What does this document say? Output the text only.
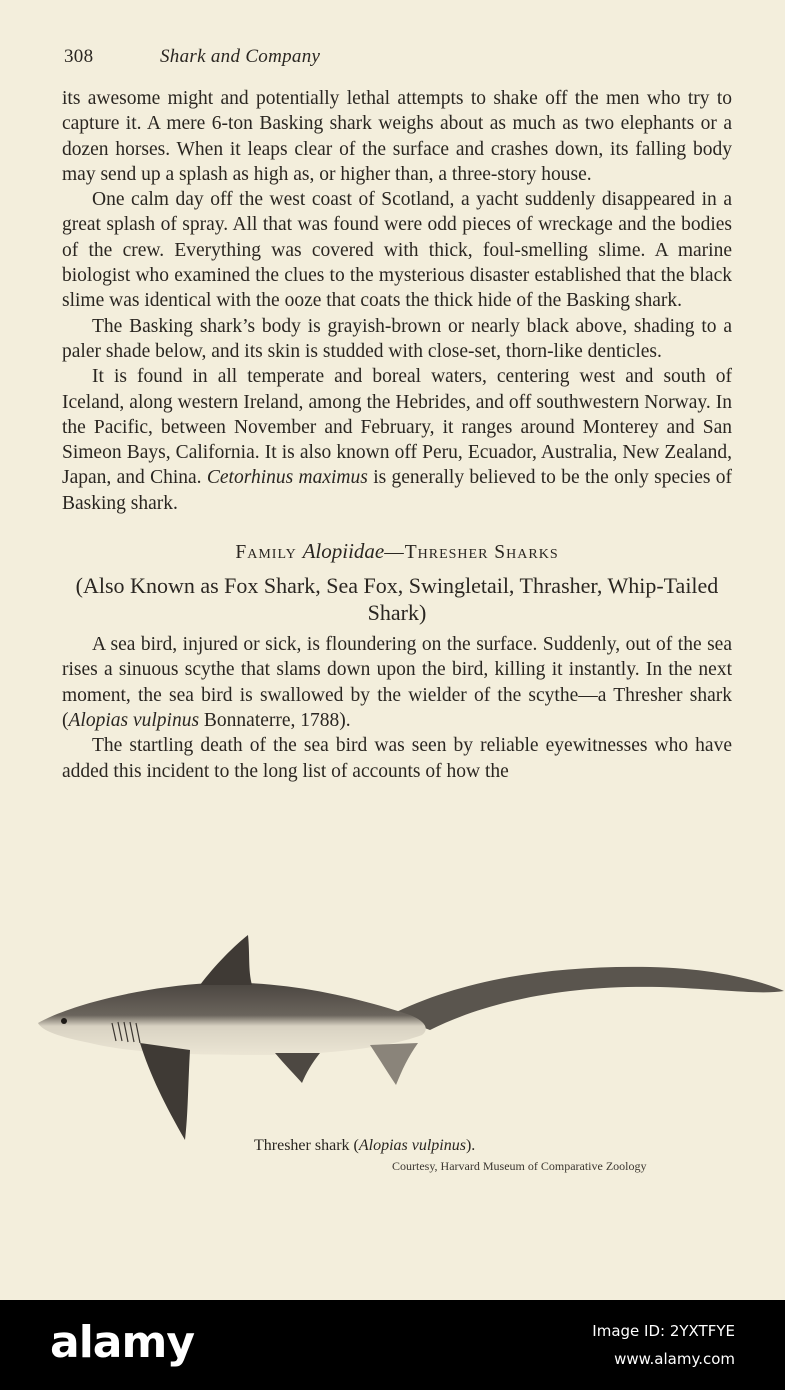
308	Shark and Company

its awesome might and potentially lethal attempts to shake off the men who try to capture it. A mere 6-ton Basking shark weighs about as much as two elephants or a dozen horses. When it leaps clear of the surface and crashes down, its falling body may send up a splash as high as, or higher than, a three-story house.

One calm day off the west coast of Scotland, a yacht suddenly disappeared in a great splash of spray. All that was found were odd pieces of wreckage and the bodies of the crew. Everything was covered with thick, foul-smelling slime. A marine biologist who examined the clues to the mysterious disaster established that the black slime was identical with the ooze that coats the thick hide of the Basking shark.

The Basking shark’s body is grayish-brown or nearly black above, shading to a paler shade below, and its skin is studded with close-set, thorn-like denticles.

It is found in all temperate and boreal waters, centering west and south of Iceland, along western Ireland, among the Hebrides, and off southwestern Norway. In the Pacific, between November and February, it ranges around Monterey and San Simeon Bays, California. It is also known off Peru, Ecuador, Australia, New Zealand, Japan, and China. Cetorhinus maximus is generally believed to be the only species of Basking shark.

Family Alopiidae—Thresher Sharks
(Also Known as Fox Shark, Sea Fox, Swingletail, Thrasher, Whip-Tailed Shark)

A sea bird, injured or sick, is floundering on the surface. Suddenly, out of the sea rises a sinuous scythe that slams down upon the bird, killing it instantly. In the next moment, the sea bird is swallowed by the wielder of the scythe—a Thresher shark (Alopias vulpinus Bonnaterre, 1788).

The startling death of the sea bird was seen by reliable eyewitnesses who have added this incident to the long list of accounts of how the

Thresher shark (Alopias vulpinus).
Courtesy, Harvard Museum of Comparative Zoology
alamy	Image ID: 2YXTFYE
www.alamy.com
